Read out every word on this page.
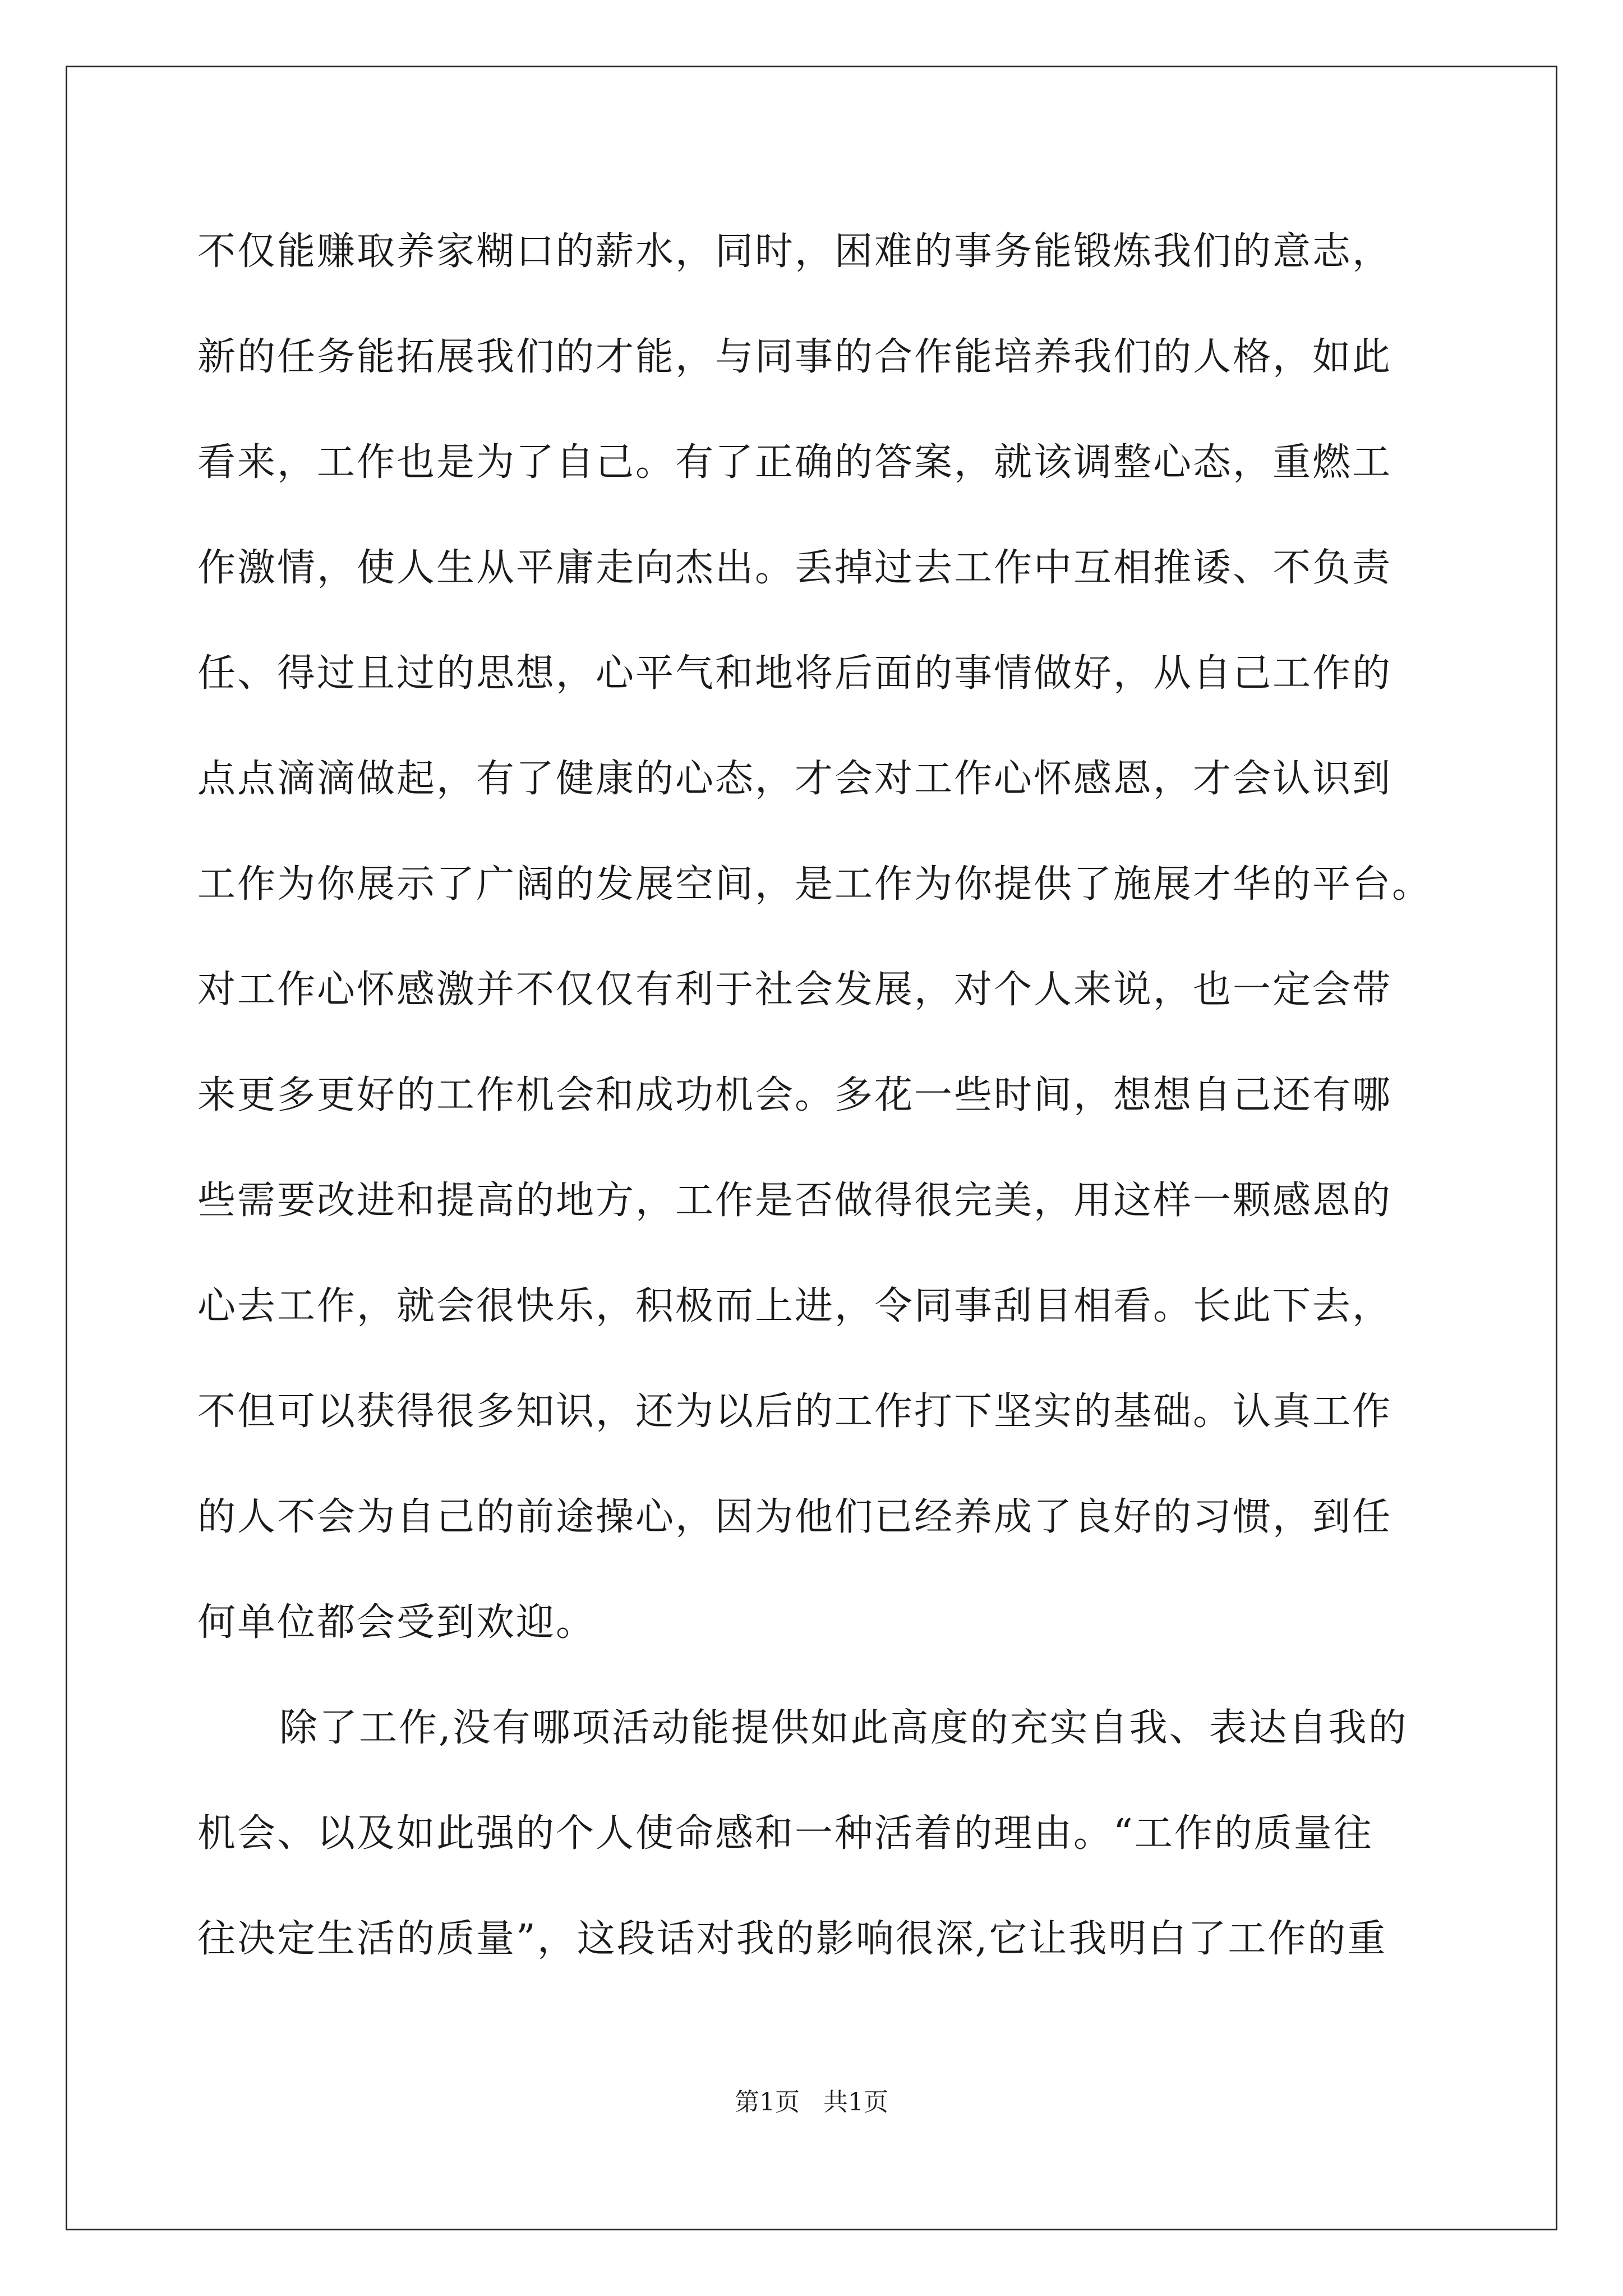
不仅能赚取养家糊口的薪水，同时，困难的事务能锻炼我们的意志，
新的任务能拓展我们的才能，与同事的合作能培养我们的人格，如此
看来，工作也是为了自己。有了正确的答案，就该调整心态，重燃工
作激情，使人生从平庸走向杰出。丢掉过去工作中互相推诿、不负责
任、得过且过的思想，心平气和地将后面的事情做好，从自己工作的
点点滴滴做起，有了健康的心态，才会对工作心怀感恩，才会认识到
工作为你展示了广阔的发展空间，是工作为你提供了施展才华的平台。
对工作心怀感激并不仅仅有利于社会发展，对个人来说，也一定会带
来更多更好的工作机会和成功机会。多花一些时间，想想自己还有哪
些需要改进和提高的地方，工作是否做得很完美，用这样一颗感恩的
心去工作，就会很快乐，积极而上进，令同事刮目相看。长此下去，
不但可以获得很多知识，还为以后的工作打下坚实的基础。认真工作
的人不会为自己的前途操心，因为他们已经养成了良好的习惯，到任
何单位都会受到欢迎。
除了工作,没有哪项活动能提供如此高度的充实自我、表达自我的
机会、以及如此强的个人使命感和一种活着的理由。“工作的质量往
往决定生活的质量”，这段话对我的影响很深,它让我明白了工作的重
第1页   共1页
